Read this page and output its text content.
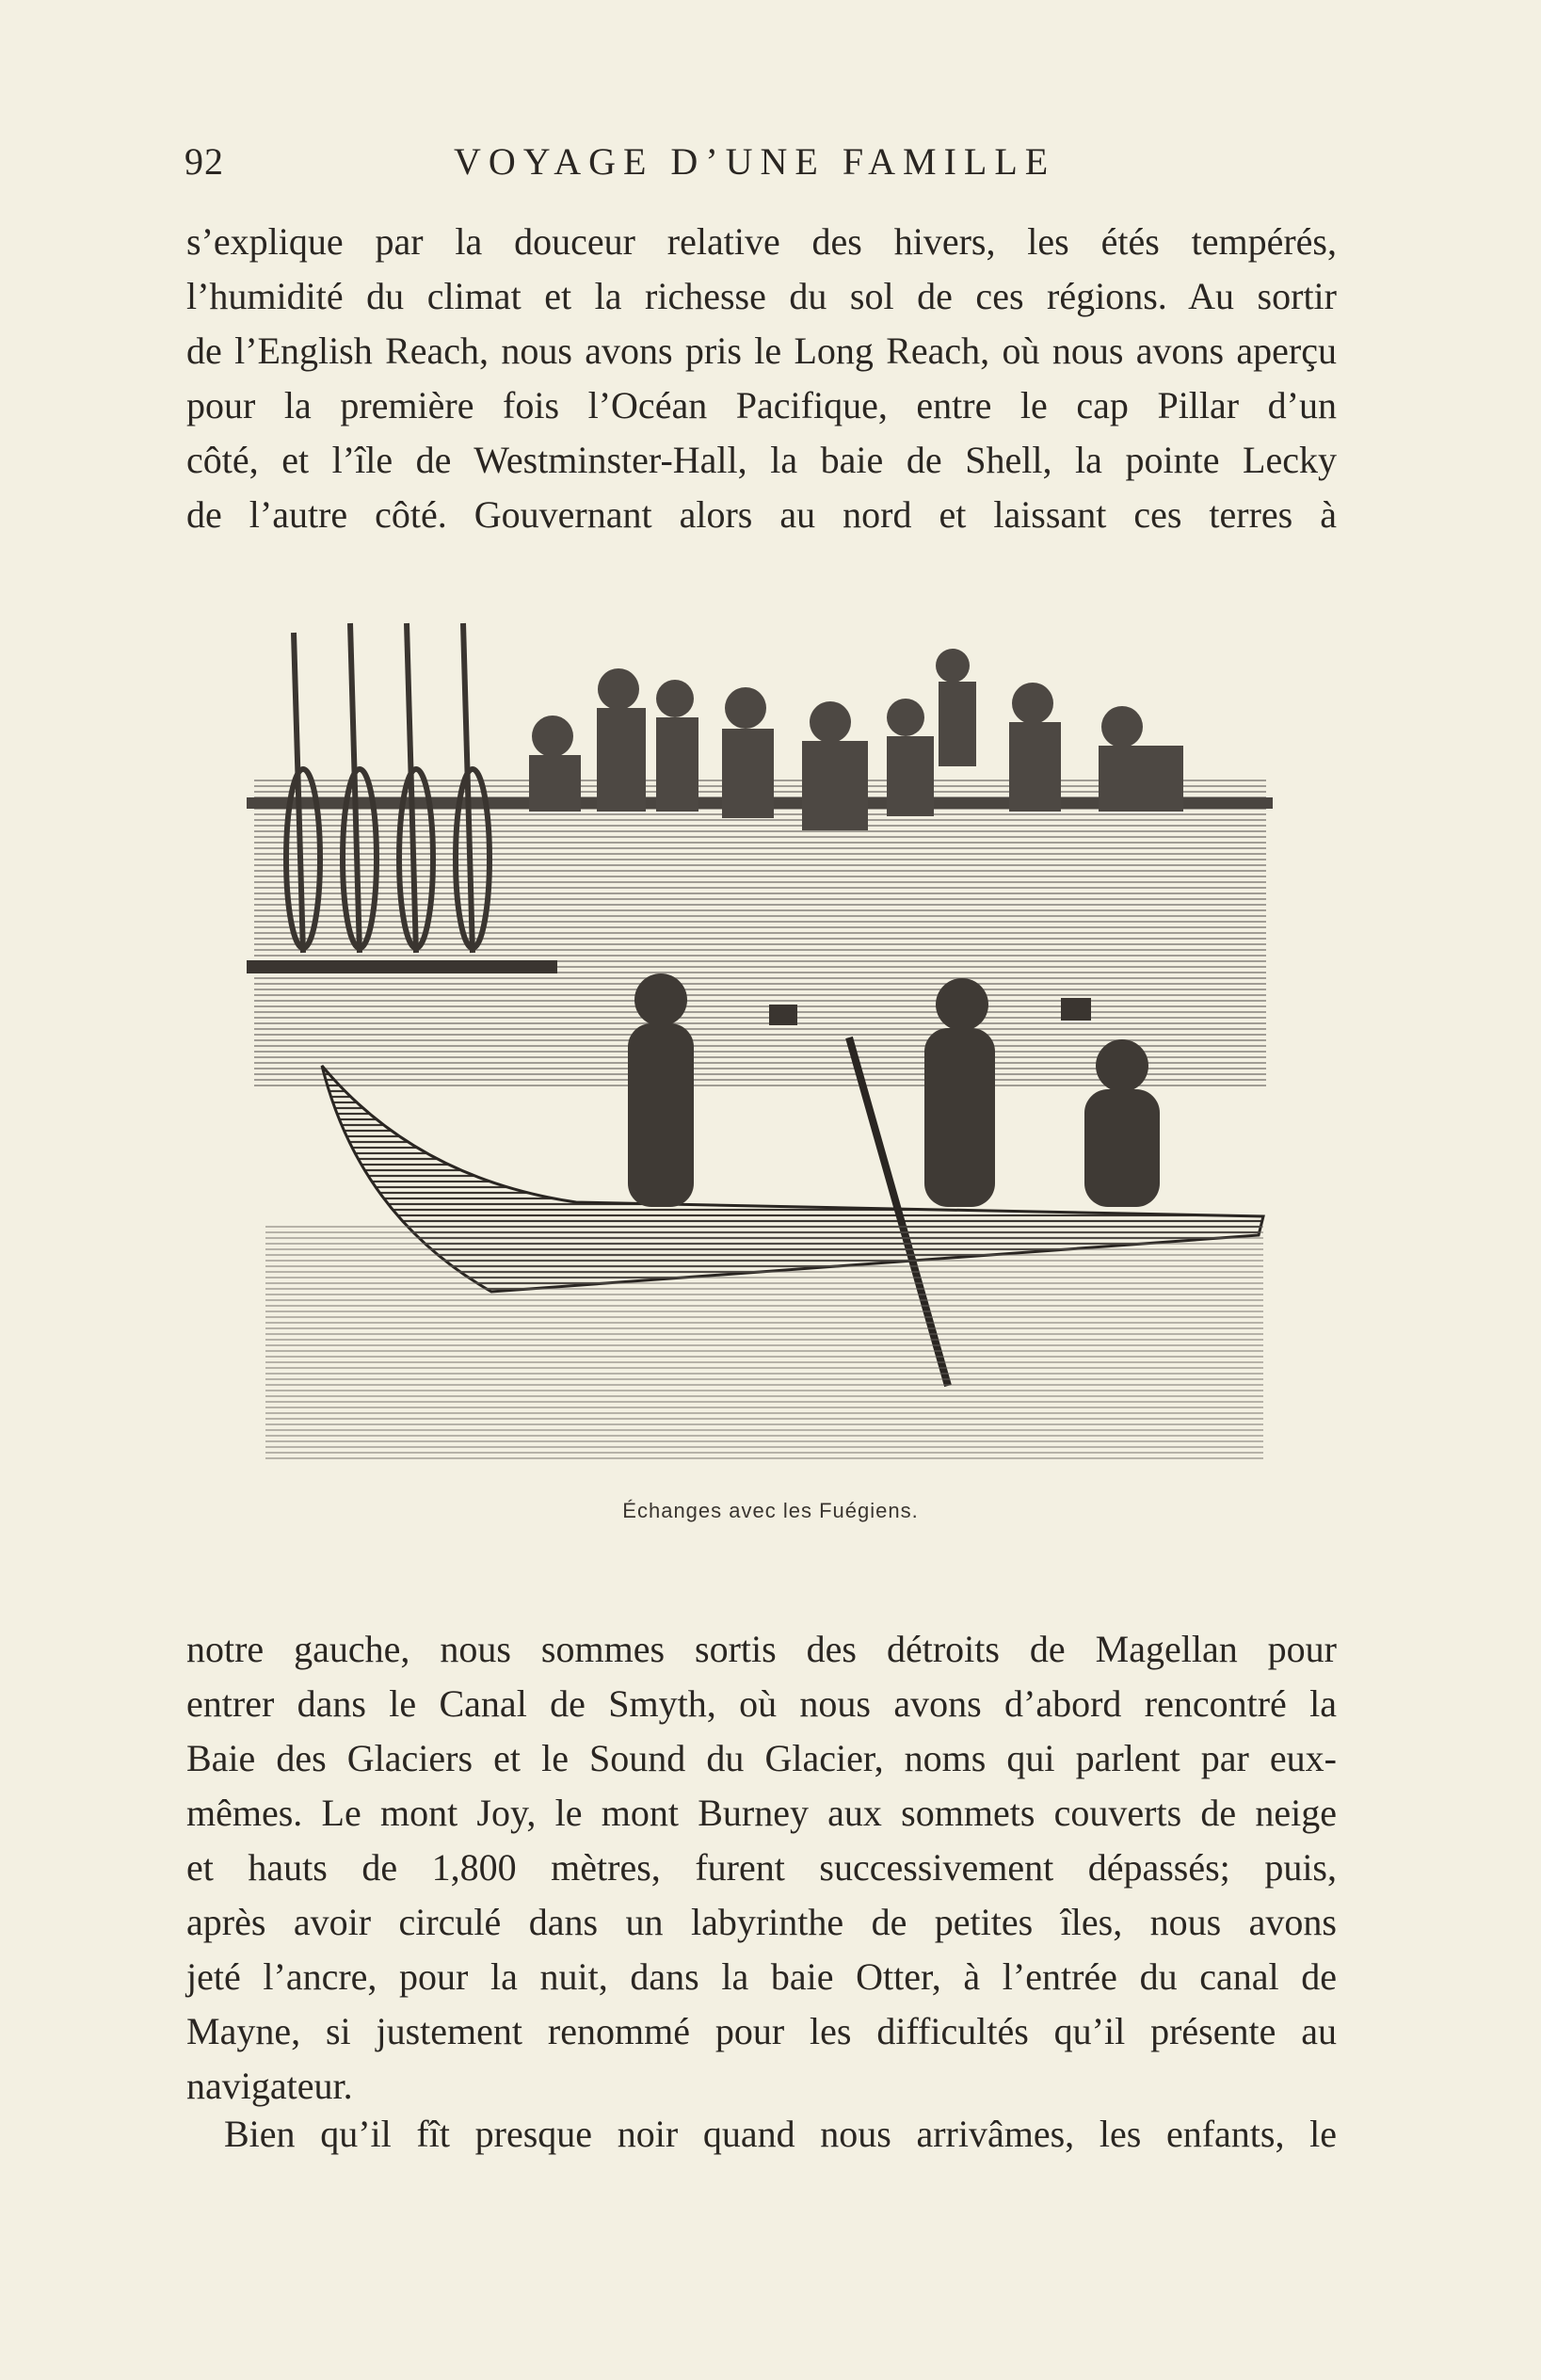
92	VOYAGE D’UNE FAMILLE
s’explique par la douceur relative des hivers, les étés tempérés,
l’humidité du climat et la richesse du sol de ces régions. Au sortir
de l’English Reach, nous avons pris le Long Reach, où nous avons aperçu
pour la première fois l’Océan Pacifique, entre le cap Pillar d’un
côté, et l’île de Westminster-Hall, la baie de Shell, la pointe Lecky
de l’autre côté. Gouvernant alors au nord et laissant ces terres à
Échanges avec les Fuégiens.
notre gauche, nous sommes sortis des détroits de Magellan pour
entrer dans le Canal de Smyth, où nous avons d’abord rencontré la
Baie des Glaciers et le Sound du Glacier, noms qui parlent par eux-
mêmes. Le mont Joy, le mont Burney aux sommets couverts de neige
et hauts de 1,800 mètres, furent successivement dépassés; puis,
après avoir circulé dans un labyrinthe de petites îles, nous avons
jeté l’ancre, pour la nuit, dans la baie Otter, à l’entrée du canal de
Mayne, si justement renommé pour les difficultés qu’il présente au
navigateur.
Bien qu’il fît presque noir quand nous arrivâmes, les enfants, le
